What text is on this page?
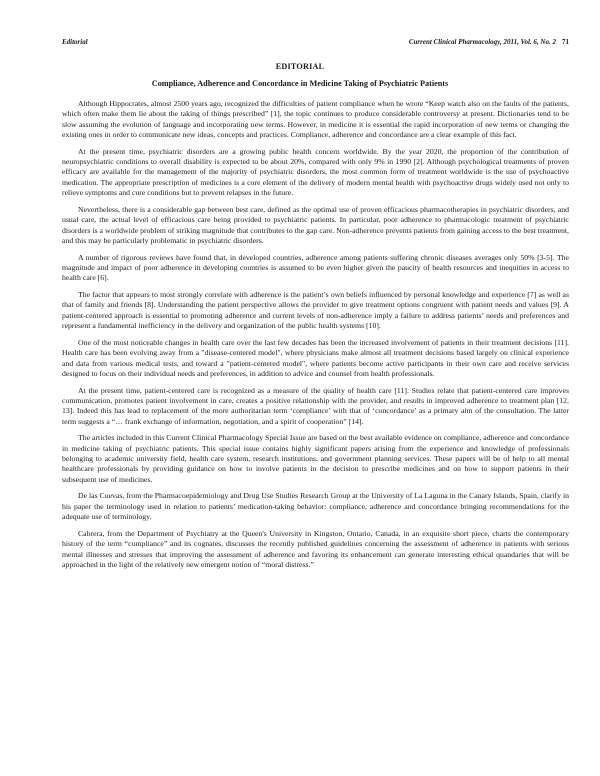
Editorial	Current Clinical Pharmacology, 2011, Vol. 6, No. 2 71
EDITORIAL
Compliance, Adherence and Concordance in Medicine Taking of Psychiatric Patients

Although Hippocrates, almost 2500 years ago, recognized the difficulties of patient compliance when he wrote “Keep watch also on the faults of the patients, which often make them lie about the taking of things prescribed” [1], the topic continues to produce considerable controversy at present. Dictionaries tend to be slow assuming the evolution of language and incorporating new terms. However, in medicine it is essential the rapid incorporation of new terms or changing the existing ones in order to communicate new ideas, concepts and practices. Compliance, adherence and concordance are a clear example of this fact.

At the present time, psychiatric disorders are a growing public health concern worldwide. By the year 2020, the proportion of the contribution of neuropsychiatric conditions to overall disability is expected to be about 20%, compared with only 9% in 1990 [2]. Although psychological treatments of proven efficacy are available for the management of the majority of psychiatric disorders, the most common form of treatment worldwide is the use of psychoactive medication. The appropriate prescription of medicines is a core element of the delivery of modern mental health with psychoactive drugs widely used not only to relieve symptoms and cure conditions but to prevent relapses in the future.

Nevertheless, there is a considerable gap between best care, defined as the optimal use of proven efficacious pharmacotherapies in psychiatric disorders, and usual care, the actual level of efficacious care being provided to psychiatric patients. In particular, poor adherence to pharmacologic treatment of psychiatric disorders is a worldwide problem of striking magnitude that contributes to the gap care. Non-adherence prevents patients from gaining access to the best treatment, and this may be particularly problematic in psychiatric disorders.

A number of rigorous reviews have found that, in developed countries, adherence among patients suffering chronic diseases averages only 50% [3-5]. The magnitude and impact of poor adherence in developing countries is assumed to be even higher given the paucity of health resources and inequities in access to health care [6].

The factor that appears to most strongly correlate with adherence is the patient’s own beliefs influenced by personal knowledge and experience [7] as well as that of family and friends [8]. Understanding the patient perspective allows the provider to give treatment options congruent with patient needs and values [9]. A patient-centered approach is essential to promoting adherence and current levels of non-adherence imply a failure to address patients’ needs and preferences and represent a fundamental inefficiency in the delivery and organization of the public health systems [10].

One of the most noticeable changes in health care over the last few decades has been the increased involvement of patients in their treatment decisions [11]. Health care has been evolving away from a "disease-centered model", where physicians make almost all treatment decisions based largely on clinical experience and data from various medical tests, and toward a "patient-centered model", where patients become active participants in their own care and receive services designed to focus on their individual needs and preferences, in addition to advice and counsel from health professionals.

At the present time, patient-centered care is recognized as a measure of the quality of health care [11]. Studies relate that patient-centered care improves communication, promotes patient involvement in care, creates a positive relationship with the provider, and results in improved adherence to treatment plan [12, 13]. Indeed this has lead to replacement of the more authoritarian term ‘compliance’ with that of ‘concordance’ as a primary aim of the consultation. The latter term suggests a “… frank exchange of information, negotiation, and a spirit of cooperation” [14].

The articles included in this Current Clinical Pharmacology Special Issue are based on the best available evidence on compliance, adherence and concordance in medicine taking of psychiatric patients. This special issue contains highly significant papers arising from the experience and knowledge of professionals belonging to academic university field, health care system, research institutions, and government planning services. These papers will be of help to all mental healthcare professionals by providing guidance on how to involve patients in the decision to prescribe medicines and on how to support patients in their subsequent use of medicines.

De las Cuevas, from the Pharmacoepidemiology and Drug Use Studies Research Group at the University of La Laguna in the Canary Islands, Spain, clarify in his paper the terminology used in relation to patients’ medication-taking behavior: compliance, adherence and concordance bringing recommendations for the adequate use of terminology.

Cabrera, from the Department of Psychiatry at the Queen's University in Kingston, Ontario, Canada, in an exquisite short piece, charts the contemporary history of the term “compliance” and its cognates, discusses the recently published guidelines concerning the assessment of adherence in patients with serious mental illnesses and stresses that improving the assessment of adherence and favoring its enhancement can generate interesting ethical quandaries that will be approached in the light of the relatively new emergent notion of “moral distress.”
